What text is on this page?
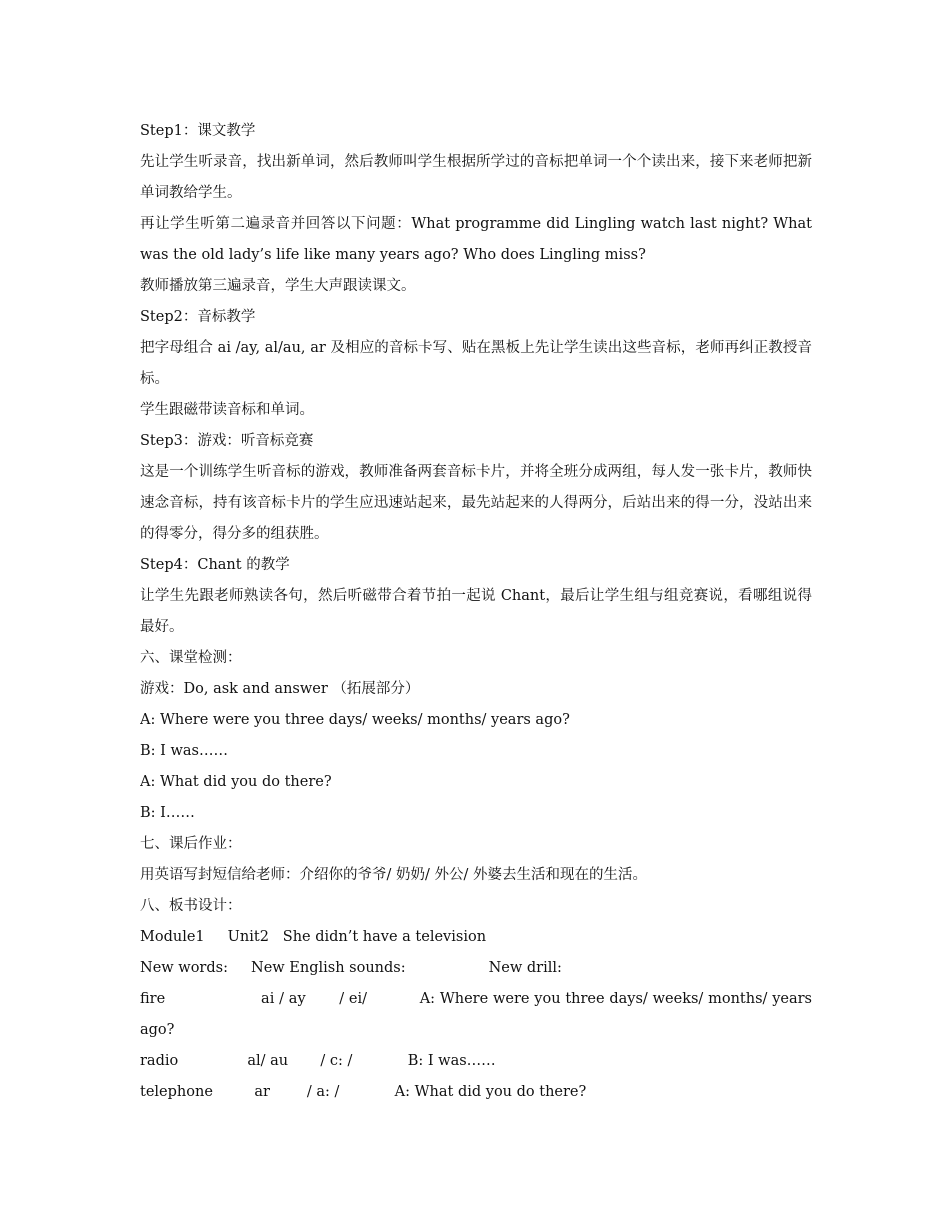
Step1：课文教学
先让学生听录音，找出新单词，然后教师叫学生根据所学过的音标把单词一个个读出来，接下来老师把新单词教给学生。
再让学生听第二遍录音并回答以下问题：What programme did Lingling watch last night? What was the old lady’s life like many years ago? Who does Lingling miss?
教师播放第三遍录音，学生大声跟读课文。
Step2：音标教学
把字母组合 ai /ay, al/au, ar 及相应的音标卡写、贴在黑板上先让学生读出这些音标，老师再纠正教授音标。
学生跟磁带读音标和单词。
Step3：游戏：听音标竞赛
这是一个训练学生听音标的游戏，教师准备两套音标卡片，并将全班分成两组，每人发一张卡片，教师快速念音标，持有该音标卡片的学生应迅速站起来，最先站起来的人得两分，后站出来的得一分，没站出来的得零分，得分多的组获胜。
Step4：Chant 的教学
让学生先跟老师熟读各句，然后听磁带合着节拍一起说 Chant，最后让学生组与组竞赛说，看哪组说得最好。
六、课堂检测：
游戏：Do, ask and answer （拓展部分）
A: Where were you three days/ weeks/ months/ years ago?
B: I was……
A: What did you do there?
B: I……
七、课后作业：
用英语写封短信给老师：介绍你的爷爷/ 奶奶/ 外公/ 外婆去生活和现在的生活。
八、板书设计：
Module1     Unit2   She didn’t have a television
New words:     New English sounds:                  New drill:
fire                    ai / ay       / ei/           A: Where were you three days/ weeks/ months/ years ago?
radio               al/ au       / c: /            B: I was……
telephone         ar        / a: /            A: What did you do there?
